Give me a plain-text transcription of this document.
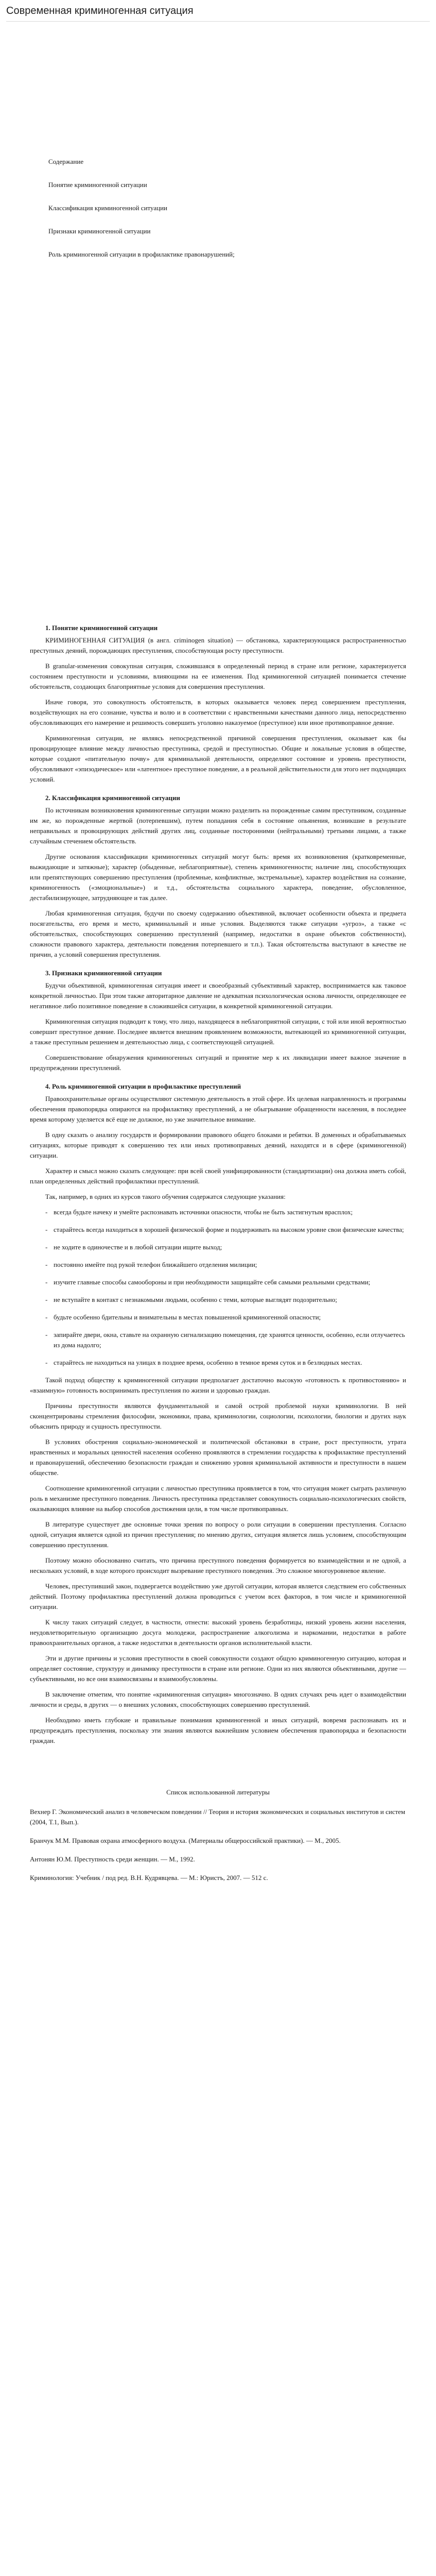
Современная криминогенная ситуация
Содержание
Понятие криминогенной ситуации
Классификация криминогенной ситуации
Признаки криминогенной ситуации
Роль криминогенной ситуации в профилактике правонарушений;
1. Понятие криминогенной ситуации

КРИМИНОГЕННАЯ СИТУАЦИЯ (в англ. criminogen situation) — обстановка, характеризующаяся распространенностью преступных деяний, порождающих преступления, способствующая росту преступности.

В granular-изменения совокупная ситуация, сложившаяся в определенный период в стране или регионе, характеризуется состоянием преступности и условиями, влияющими на ее изменения. Под криминогенной ситуацией понимается стечение обстоятельств, создающих благоприятные условия для совершения преступления.

Иначе говоря, это совокупность обстоятельств, в которых оказывается человек перед совершением преступления, воздействующих на его сознание, чувства и волю и в соответствии с нравственными качествами данного лица, непосредственно обусловливающих его намерение и решимость совершить уголовно наказуемое (преступное) или иное противоправное деяние.

Криминогенная ситуация, не являясь непосредственной причиной совершения преступления, оказывает как бы провоцирующее влияние между личностью преступника, средой и преступностью. Общие и локальные условия в обществе, которые создают «питательную почву» для криминальной деятельности, определяют состояние и уровень преступности, обусловливают «эпизодическое» или «латентное» преступное поведение, а в реальной действительности для этого нет подходящих условий.

2. Классификация криминогенной ситуации

По источникам возникновения криминогенные ситуации можно разделить на порожденные самим преступником, созданные им же, ко порожденные жертвой (потерпевшим), путем попадания себя в состояние опьянения, возникшие в результате неправильных и провоцирующих действий других лиц, созданные посторонними (нейтральными) третьими лицами, а также случайным стечением обстоятельств.

Другие основания классификации криминогенных ситуаций могут быть: время их возникновения (кратковременные, выжидающие и затяжные); характер (обыденные, неблагоприятные), степень криминогенности; наличие лиц, способствующих или препятствующих совершению преступления (проблемные, конфликтные, экстремальные), характер воздействия на сознание, криминогенность («эмоциональные») и т.д., обстоятельства социального характера, поведение, обусловленное, дестабилизирующее, затрудняющее и так далее.

Любая криминогенная ситуация, будучи по своему содержанию объективной, включает особенности объекта и предмета посягательства, его время и место, криминальный и иные условия. Выделяются также ситуации «угроз», а также «с обстоятельствах, способствующих совершению преступлений (например, недостатки в охране объектов собственности), сложности правового характера, деятельности поведения потерпевшего и т.п.). Такая обстоятельства выступают в качестве не причин, а условий совершения преступления.

3. Признаки криминогенной ситуации

Будучи объективной, криминогенная ситуация имеет и своеобразный субъективный характер, воспринимается как таковое конкретной личностью. При этом также авторитарное давление не адекватная психологическая основа личности, определяющее ее негативное либо позитивное поведение в сложившейся ситуации, в конкретной криминогенной ситуации.

Криминогенная ситуация подводит к тому, что лицо, находящееся в неблагоприятной ситуации, с той или иной вероятностью совершит преступное деяние. Последнее является внешним проявлением возможности, вытекающей из криминогенной ситуации, а также преступным решением и деятельностью лица, с соответствующей ситуацией.

Совершенствование обнаружения криминогенных ситуаций и принятие мер к их ликвидации имеет важное значение в предупреждении преступлений.

4. Роль криминогенной ситуации в профилактике преступлений

Правоохранительные органы осуществляют системную деятельность в этой сфере. Их целевая направленность и программы обеспечения правопорядка опираются на профилактику преступлений, а не обыгрывание обращенности населения, в последнее время которому уделяется всё еще не должное, но уже значительное внимание.

В одну сказать о анализу государств и формировании правового общего блоками и ребятки. В доменных и обрабатываемых ситуациях, которые приводят к совершению тех или иных противоправных деяний, находятся и в сфере (криминогенной) ситуации.

Характер и смысл можно сказать следующее: при всей своей унифицированности (стандартизации) она должна иметь собой, план определенных действий профилактики преступлений.

Так, например, в одних из курсов такого обучения содержатся следующие указания:

- всегда будьте начеку и умейте распознавать источники опасности, чтобы не быть застигнутым врасплох;
- старайтесь всегда находиться в хорошей физической форме и поддерживать на высоком уровне свои физические качества;
- не ходите в одиночестве и в любой ситуации ищите выход;
- постоянно имейте под рукой телефон ближайшего отделения милиции;
- изучите главные способы самообороны и при необходимости защищайте себя самыми реальными средствами;
- не вступайте в контакт с незнакомыми людьми, особенно с теми, которые выглядят подозрительно;
- будьте особенно бдительны и внимательны в местах повышенной криминогенной опасности;
- запирайте двери, окна, ставьте на охранную сигнализацию помещения, где хранятся ценности, особенно, если отлучаетесь из дома надолго;
- старайтесь не находиться на улицах в позднее время, особенно в темное время суток и в безлюдных местах.

Такой подход обществу к криминогенной ситуации предполагает достаточно высокую «готовность к противостоянию» и «взаимную» готовность воспринимать преступления по жизни и здоровью граждан.

Причины преступности являются фундаментальной и самой острой проблемой науки криминологии. В ней сконцентрированы стремления философии, экономики, права, криминологии, социологии, психологии, биологии и других наук объяснить природу и сущность преступности.

В условиях обострения социально-экономической и политической обстановки в стране, рост преступности, утрата нравственных и моральных ценностей населения особенно проявляются в стремлении государства к профилактике преступлений и правонарушений, обеспечению безопасности граждан и снижению уровня криминальной активности и преступности в нашем обществе.

Соотношение криминогенной ситуации с личностью преступника проявляется в том, что ситуация может сыграть различную роль в механизме преступного поведения. Личность преступника представляет совокупность социально-психологических свойств, оказывающих влияние на выбор способов достижения цели, в том числе противоправных.

В литературе существует две основные точки зрения по вопросу о роли ситуации в совершении преступления. Согласно одной, ситуация является одной из причин преступления; по мнению других, ситуация является лишь условием, способствующим совершению преступления.

Поэтому можно обоснованно считать, что причина преступного поведения формируется во взаимодействии и не одной, а нескольких условий, в ходе которого происходит вызревание преступного поведения. Это сложное многоуровневое явление.

Человек, преступивший закон, подвергается воздействию уже другой ситуации, которая является следствием его собственных действий. Поэтому профилактика преступлений должна проводиться с учетом всех факторов, в том числе и криминогенной ситуации.

К числу таких ситуаций следует, в частности, отнести: высокий уровень безработицы, низкий уровень жизни населения, неудовлетворительную организацию досуга молодежи, распространение алкоголизма и наркомании, недостатки в работе правоохранительных органов, а также недостатки в деятельности органов исполнительной власти.

Эти и другие причины и условия преступности в своей совокупности создают общую криминогенную ситуацию, которая и определяет состояние, структуру и динамику преступности в стране или регионе. Одни из них являются объективными, другие — субъективными, но все они взаимосвязаны и взаимообусловлены.

В заключение отметим, что понятие «криминогенная ситуация» многозначно. В одних случаях речь идет о взаимодействии личности и среды, в других — о внешних условиях, способствующих совершению преступлений.

Необходимо иметь глубокие и правильные понимания криминогенной и иных ситуаций, вовремя распознавать их и предупреждать преступления, поскольку эти знания являются важнейшим условием обеспечения правопорядка и безопасности граждан.

Список использованной литературы
Вехнер Г. Экономический анализ в человеческом поведении // Теория и история экономических и социальных институтов и систем (2004, Т.1, Вып.).
Бранчук М.М. Правовая охрана атмосферного воздуха. (Материалы общероссийской практики). — М., 2005.
Антонян Ю.М. Преступность среди женщин. — М., 1992.
Криминология: Учебник / под ред. В.Н. Кудрявцева. — М.: Юристъ, 2007. — 512 с.
